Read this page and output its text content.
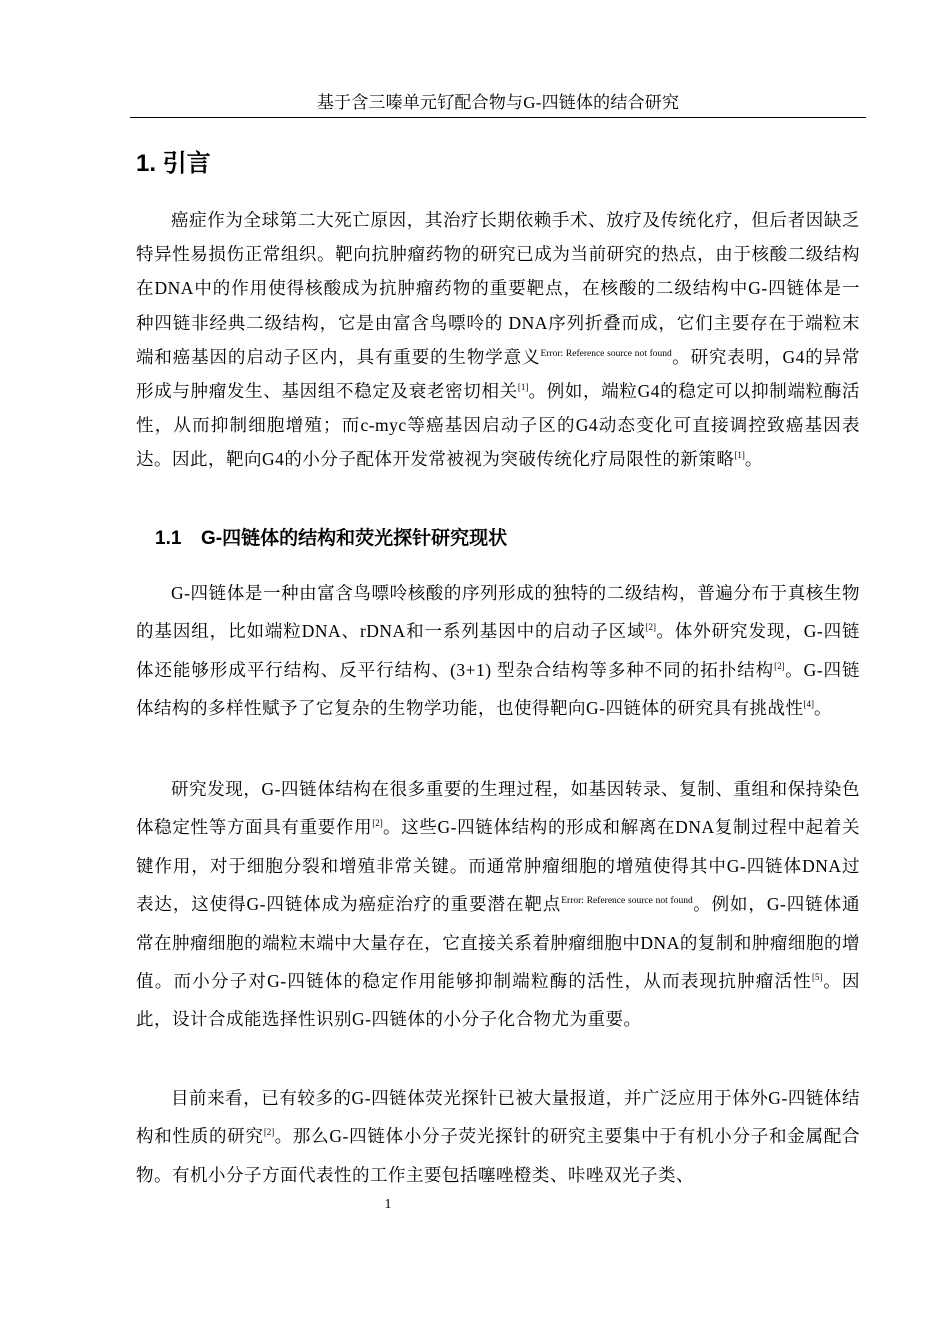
基于含三嗪单元钌配合物与G-四链体的结合研究
1. 引言

癌症作为全球第二大死亡原因，其治疗长期依赖手术、放疗及传统化疗，但后者因缺乏特异性易损伤正常组织。靶向抗肿瘤药物的研究已成为当前研究的热点，由于核酸二级结构在DNA中的作用使得核酸成为抗肿瘤药物的重要靶点，在核酸的二级结构中G-四链体是一种四链非经典二级结构，它是由富含鸟嘌呤的 DNA序列折叠而成，它们主要存在于端粒末端和癌基因的启动子区内，具有重要的生物学意义$^{Error: Reference source not found}$。研究表明，G4的异常形成与肿瘤发生、基因组不稳定及衰老密切相关[1]。例如，端粒G4的稳定可以抑制端粒酶活性，从而抑制细胞增殖；而c-myc等癌基因启动子区的G4动态变化可直接调控致癌基因表达。因此，靶向G4的小分子配体开发常被视为突破传统化疗局限性的新策略[1]。

1.1 G-四链体的结构和荧光探针研究现状

G-四链体是一种由富含鸟嘌呤核酸的序列形成的独特的二级结构，普遍分布于真核生物的基因组，比如端粒DNA、rDNA和一系列基因中的启动子区域[2]。体外研究发现，G-四链体还能够形成平行结构、反平行结构、(3+1) 型杂合结构等多种不同的拓扑结构[2]。G-四链体结构的多样性赋予了它复杂的生物学功能，也使得靶向G-四链体的研究具有挑战性[4]。

研究发现，G-四链体结构在很多重要的生理过程，如基因转录、复制、重组和保持染色体稳定性等方面具有重要作用[2]。这些G-四链体结构的形成和解离在DNA复制过程中起着关键作用，对于细胞分裂和增殖非常关键。而通常肿瘤细胞的增殖使得其中G-四链体DNA过表达，这使得G-四链体成为癌症治疗的重要潜在靶点$^{Error: Reference source not found}$。例如，G-四链体通常在肿瘤细胞的端粒末端中大量存在，它直接关系着肿瘤细胞中DNA的复制和肿瘤细胞的增值。而小分子对G-四链体的稳定作用能够抑制端粒酶的活性，从而表现抗肿瘤活性[5]。因此，设计合成能选择性识别G-四链体的小分子化合物尤为重要。

目前来看，已有较多的G-四链体荧光探针已被大量报道，并广泛应用于体外G-四链体结构和性质的研究[2]。那么G-四链体小分子荧光探针的研究主要集中于有机小分子和金属配合物。有机小分子方面代表性的工作主要包括噻唑橙类、咔唑双光子类、

1
